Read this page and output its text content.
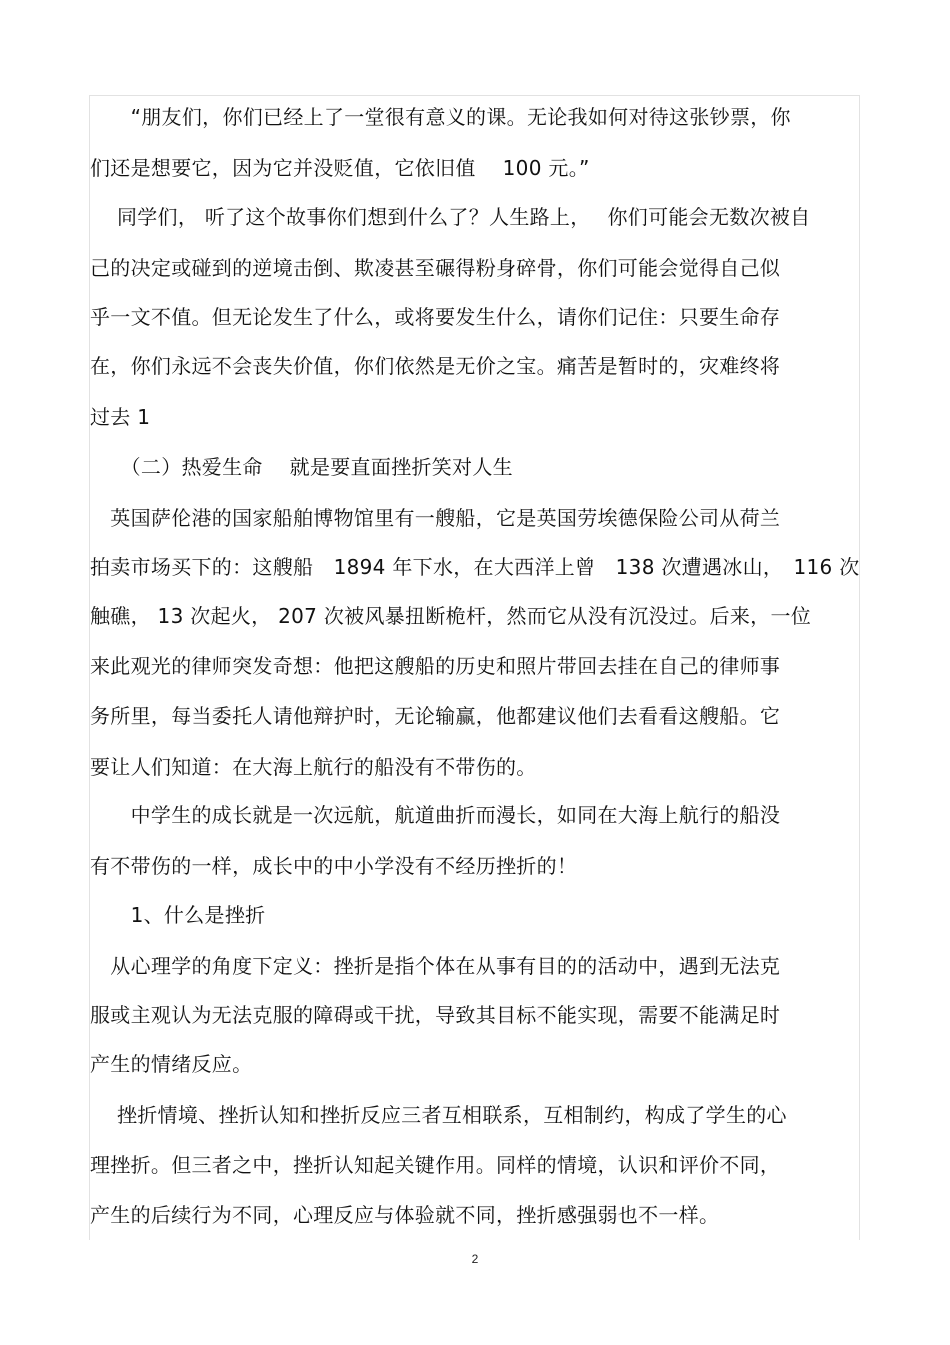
　　“朋友们，你们已经上了一堂很有意义的课。无论我如何对待这张钞票，你
们还是想要它，因为它并没贬值，它依旧值　 100 元。”
　 同学们， 听了这个故事你们想到什么了？人生路上，　 你们可能会无数次被自
己的决定或碰到的逆境击倒、欺凌甚至碾得粉身碎骨，你们可能会觉得自己似
乎一文不值。但无论发生了什么，或将要发生什么，请你们记住：只要生命存
在，你们永远不会丧失价值，你们依然是无价之宝。痛苦是暂时的，灾难终将
过去 1
　　（二）热爱生命　 就是要直面挫折笑对人生
　英国萨伦港的国家船舶博物馆里有一艘船，它是英国劳埃德保险公司从荷兰
拍卖市场买下的：这艘船　1894 年下水，在大西洋上曾　138 次遭遇冰山，　116 次
触礁， 13 次起火， 207 次被风暴扭断桅杆，然而它从没有沉没过。后来，一位
来此观光的律师突发奇想：他把这艘船的历史和照片带回去挂在自己的律师事
务所里，每当委托人请他辩护时，无论输赢，他都建议他们去看看这艘船。它
要让人们知道：在大海上航行的船没有不带伤的。
　　中学生的成长就是一次远航，航道曲折而漫长，如同在大海上航行的船没
有不带伤的一样，成长中的中小学没有不经历挫折的！
　　1、什么是挫折
　从心理学的角度下定义：挫折是指个体在从事有目的的活动中，遇到无法克
服或主观认为无法克服的障碍或干扰，导致其目标不能实现，需要不能满足时
产生的情绪反应。
　 挫折情境、挫折认知和挫折反应三者互相联系，互相制约，构成了学生的心
理挫折。但三者之中，挫折认知起关键作用。同样的情境，认识和评价不同，
产生的后续行为不同，心理反应与体验就不同，挫折感强弱也不一样。
2
